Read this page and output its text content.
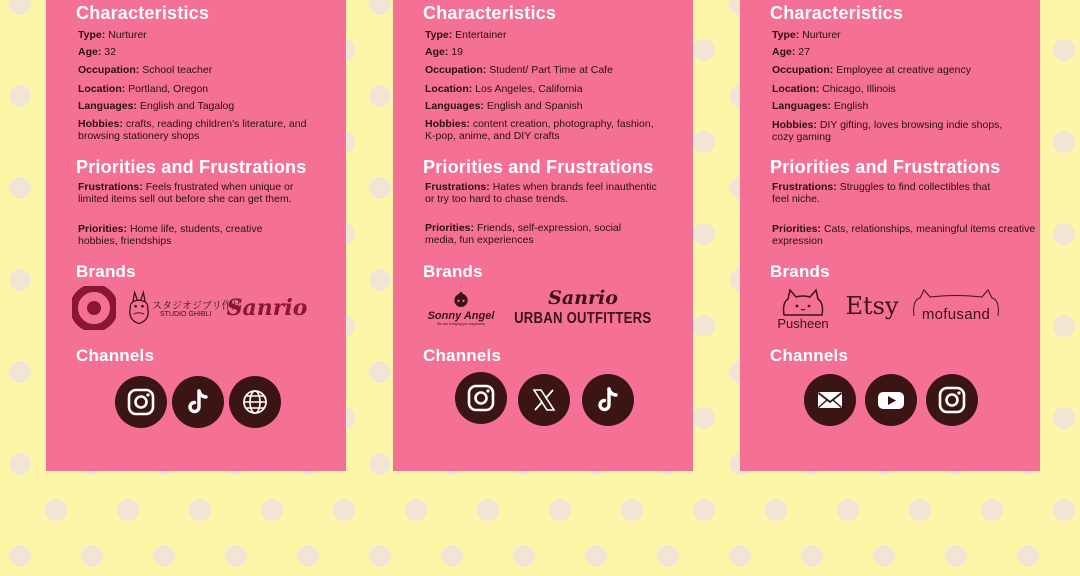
Characteristics

Type: Nurturer

Age: 32

Occupation: School teacher

Location: Portland, Oregon

Languages: English and Tagalog

Hobbies: crafts, reading children's literature, and browsing stationery shops

Priorities and Frustrations

Frustrations: Feels frustrated when unique or limited items sell out before she can get them.

Priorities: Home life, students, creative hobbies, friendships

Brands
スタジオジブリ作品
STUDIO GHIBLI Sanrio
Channels
Characteristics

Type: Entertainer

Age: 19

Occupation: Student/ Part Time at Cafe

Location: Los Angeles, California

Languages: English and Spanish

Hobbies: content creation, photography, fashion, K-pop, anime, and DIY crafts

Priorities and Frustrations

Frustrations: Hates when brands feel inauthentic or try too hard to chase trends.

Priorities: Friends, self-expression, social media, fun experiences

Brands
Sonny Angel
We are bringing you happiness
Sanrio
URBAN OUTFITTERS
Channels
Characteristics

Type: Nurturer

Age: 27

Occupation: Employee at creative agency

Location: Chicago, Illinois

Languages: English

Hobbies: DIY gifting, loves browsing indie shops, cozy gaming

Priorities and Frustrations

Frustrations: Struggles to find collectibles that feel niche.

Priorities: Cats, relationships, meaningful items creative expression

Brands
Pusheen
Etsy mofusand
Channels
